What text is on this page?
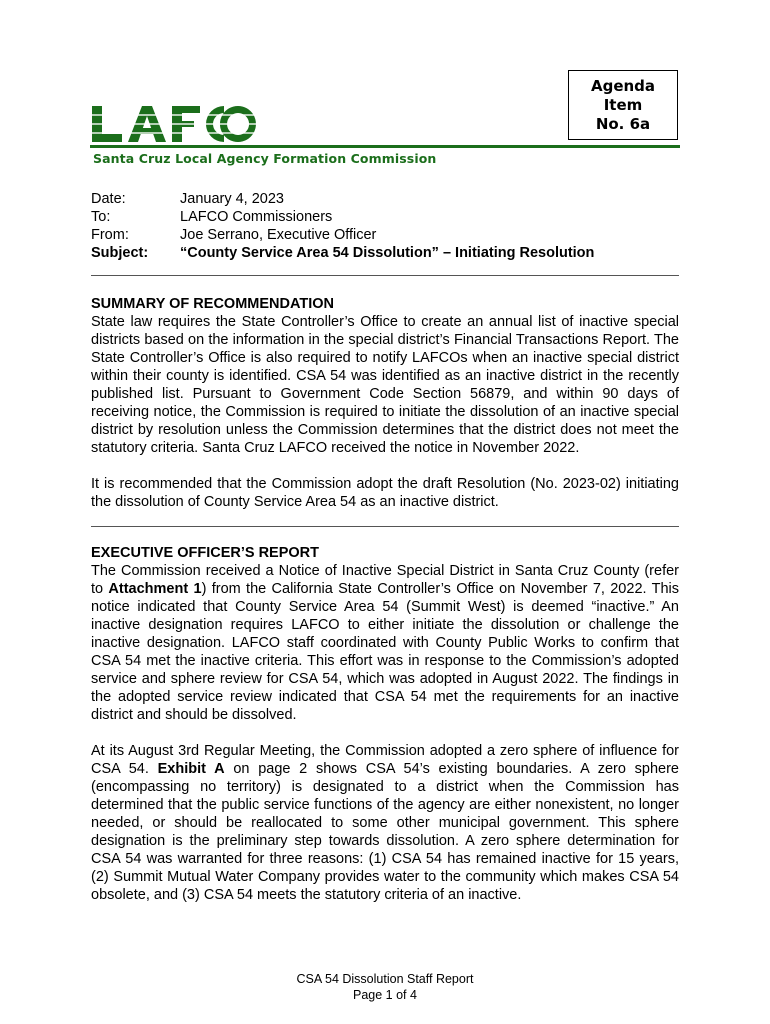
Agenda
Item
No. 6a
Santa Cruz Local Agency Formation Commission
Date:	January 4, 2023
To:	LAFCO Commissioners
From:	Joe Serrano, Executive Officer
Subject:	“County Service Area 54 Dissolution” – Initiating Resolution

SUMMARY OF RECOMMENDATION

State law requires the State Controller’s Office to create an annual list of inactive special districts based on the information in the special district’s Financial Transactions Report. The State Controller’s Office is also required to notify LAFCOs when an inactive special district within their county is identified. CSA 54 was identified as an inactive district in the recently published list. Pursuant to Government Code Section 56879, and within 90 days of receiving notice, the Commission is required to initiate the dissolution of an inactive special district by resolution unless the Commission determines that the district does not meet the statutory criteria. Santa Cruz LAFCO received the notice in November 2022.

It is recommended that the Commission adopt the draft Resolution (No. 2023-02) initiating the dissolution of County Service Area 54 as an inactive district.

EXECUTIVE OFFICER’S REPORT

The Commission received a Notice of Inactive Special District in Santa Cruz County (refer to Attachment 1) from the California State Controller’s Office on November 7, 2022. This notice indicated that County Service Area 54 (Summit West) is deemed “inactive.” An inactive designation requires LAFCO to either initiate the dissolution or challenge the inactive designation. LAFCO staff coordinated with County Public Works to confirm that CSA 54 met the inactive criteria. This effort was in response to the Commission’s adopted service and sphere review for CSA 54, which was adopted in August 2022. The findings in the adopted service review indicated that CSA 54 met the requirements for an inactive district and should be dissolved.

At its August 3rd Regular Meeting, the Commission adopted a zero sphere of influence for CSA 54. Exhibit A on page 2 shows CSA 54’s existing boundaries. A zero sphere (encompassing no territory) is designated to a district when the Commission has determined that the public service functions of the agency are either nonexistent, no longer needed, or should be reallocated to some other municipal government. This sphere designation is the preliminary step towards dissolution. A zero sphere determination for CSA 54 was warranted for three reasons: (1) CSA 54 has remained inactive for 15 years, (2) Summit Mutual Water Company provides water to the community which makes CSA 54 obsolete, and (3) CSA 54 meets the statutory criteria of an inactive.

CSA 54 Dissolution Staff Report
Page 1 of 4
